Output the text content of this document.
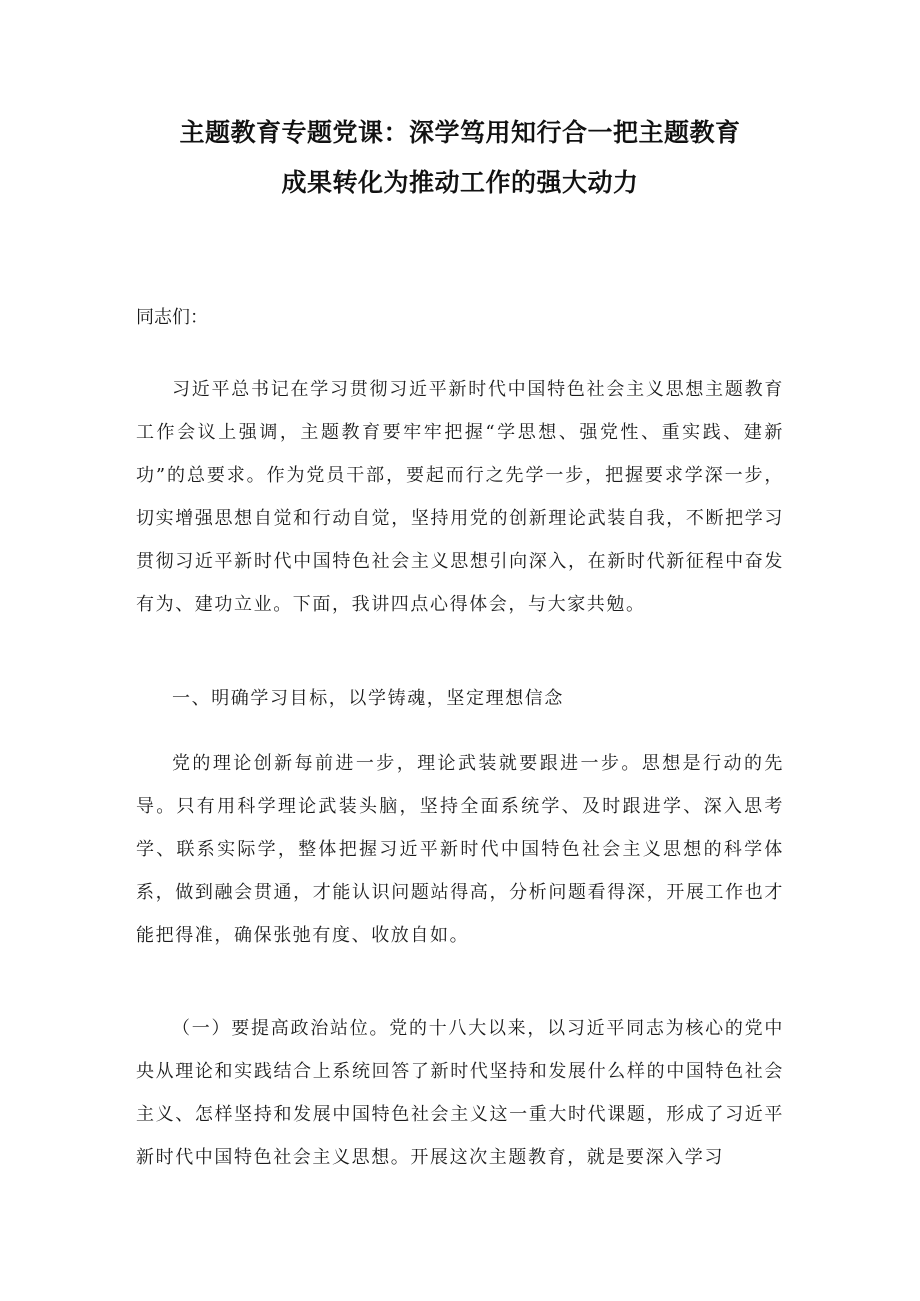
主题教育专题党课：深学笃用知行合一把主题教育
成果转化为推动工作的强大动力
同志们：
习近平总书记在学习贯彻习近平新时代中国特色社会主义思想主题教育工作会议上强调，主题教育要牢牢把握“学思想、强党性、重实践、建新功”的总要求。作为党员干部，要起而行之先学一步，把握要求学深一步，切实增强思想自觉和行动自觉，坚持用党的创新理论武装自我，不断把学习贯彻习近平新时代中国特色社会主义思想引向深入，在新时代新征程中奋发有为、建功立业。下面，我讲四点心得体会，与大家共勉。
一、明确学习目标，以学铸魂，坚定理想信念
党的理论创新每前进一步，理论武装就要跟进一步。思想是行动的先导。只有用科学理论武装头脑，坚持全面系统学、及时跟进学、深入思考学、联系实际学，整体把握习近平新时代中国特色社会主义思想的科学体系，做到融会贯通，才能认识问题站得高，分析问题看得深，开展工作也才能把得准，确保张弛有度、收放自如。
（一）要提高政治站位。党的十八大以来，以习近平同志为核心的党中央从理论和实践结合上系统回答了新时代坚持和发展什么样的中国特色社会主义、怎样坚持和发展中国特色社会主义这一重大时代课题，形成了习近平新时代中国特色社会主义思想。开展这次主题教育，就是要深入学习
